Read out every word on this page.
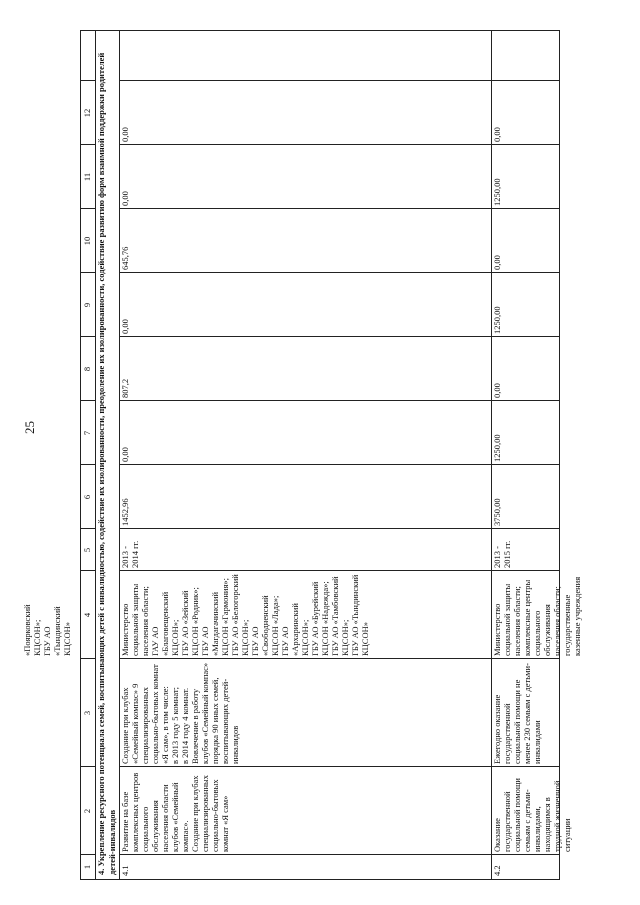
25
1
2
3
4
5
6
7
8
9
10
11
12
«Поярковский
КЦСОН»;
ГБУ АО
«Тындинский
КЦСОН»	4. Укрепление ресурсного потенциала семей, воспитывающих детей с инвалидностью, содействие их изолированности, преодоление их изолированности, содействие развитию форм взаимной поддержки родителей детей-инвалидов 4.1
Развитие на базе комплексных центров социального обслуживания населения области клубов «Семейный компас».
Создание при клубах специализированных социально-бытовых комнат «Я сам»
Создание при клубах «Семейный компас» 9 специализированных социально-бытовых комнат «Я сам», в том числе:
в 2013 году 5 комнат;
в 2014 году 4 комнат.
Вовлечение в работу клубов «Семейный компас» порядка 90 иных семей, воспитывающих детей-инвалидов
Министерство социальной защиты населения области;
ГАУ АО «Благовещенский КЦСОН»;
ГБУ АО «Зейский КЦСОН «Родник»;
ГБУ АО «Магдагачинский КЦСОН «Гармония»;
ГБУ АО «Белогорский КЦСОН»;
ГБУ АО «Свободненский КЦСОН «Лада»;
ГБУ АО «Архаринский КЦСОН»;
ГБУ АО «Бурейский КЦСОН «Надежда»;
ГБУ АО «Тамбовский КЦСОН»;
ГБУ АО «Тындинский КЦСОН»
2013 - 2014 гг.
1452,96
0,00
807,2
0,00
645,76
0,00
0,00
4.2
Оказание государственной социальной помощи семьям с детьми-инвалидами, находящимся в трудной жизненной ситуации
Ежегодно оказание государственной социальной помощи не менее 230 семьям с детьми-инвалидами
Министерство социальной защиты населения области; комплексные центры социального обслуживания населения области; государственные казенные учреждения
2013 - 2015 гг.
3750,00
1250,00
0,00
1250,00
0,00
1250,00
0,00
